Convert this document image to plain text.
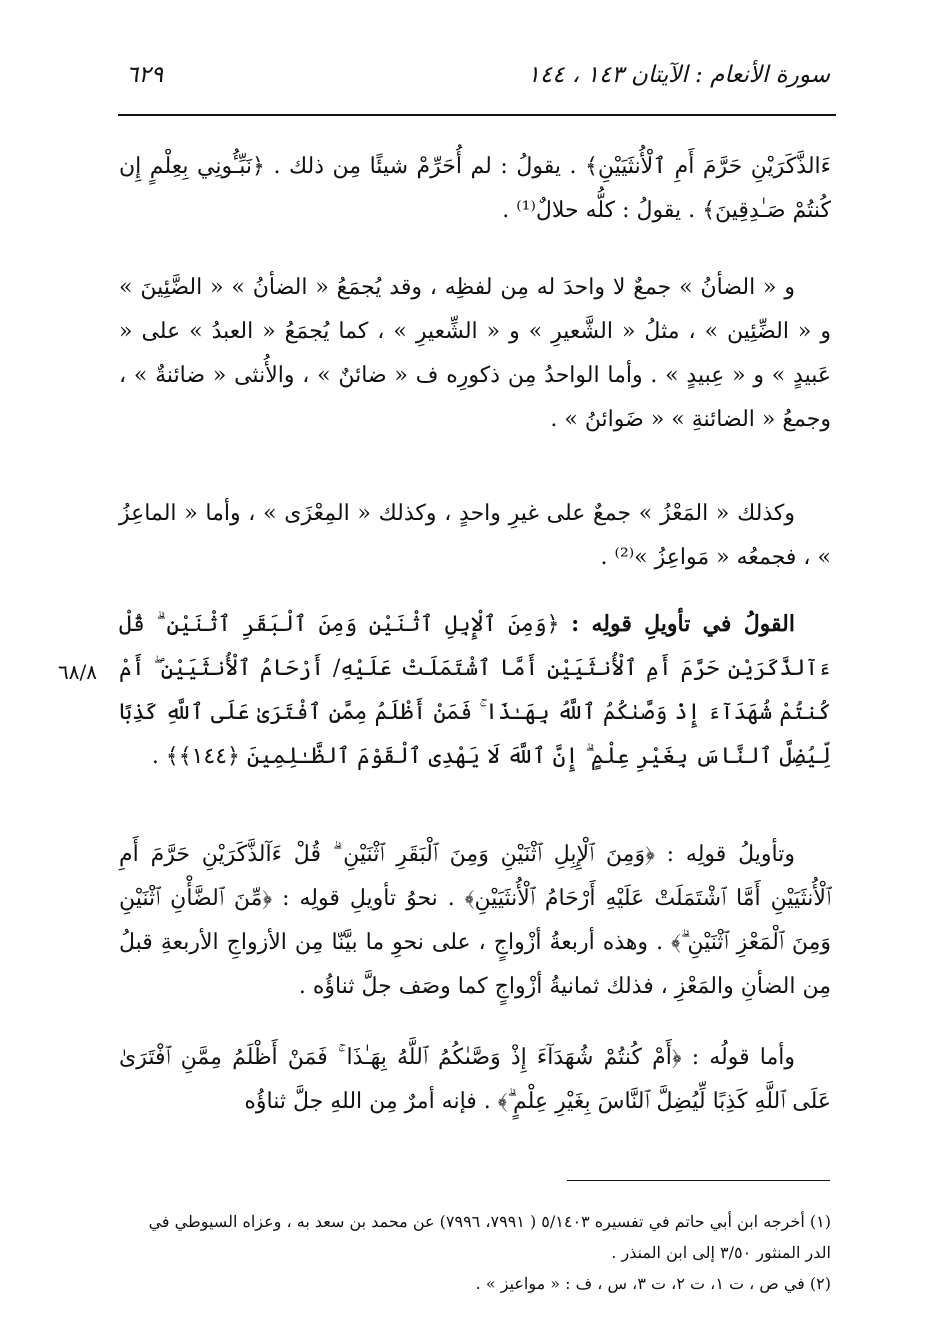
٦٢٩	سورة الأنعام : الآيتان ١٤٣ ، ١٤٤

ءَالذَّكَرَيْنِ حَرَّمَ أَمِ ٱلْأُنثَيَيْنِ﴾ . يقولُ : لم أُحَرِّمْ شيئًا مِن ذلك . ﴿نَبِّـُٔونِي بِعِلْمٍ إِن كُنتُمْ صَـٰدِقِينَ﴾ . يقولُ : كلُّه حلالٌ⁽¹⁾ .

و « الضأنُ » جمعٌ لا واحدَ له مِن لفظِه ، وقد يُجمَعُ « الضأنُ » « الضَّئِينَ » و « الضِّئِين » ، مثلُ « الشَّعيرِ » و « الشِّعيرِ » ، كما يُجمَعُ « العبدُ » على « عَبيدٍ » و « عِبيدٍ » . وأما الواحدُ مِن ذكورِه ف « ضائنٌ » ، والأُنثى « ضائنةٌ » ، وجمعُ « الضائنةِ » « ضَوائنُ » .

وكذلك « المَعْزُ » جمعٌ على غيرِ واحدٍ ، وكذلك « المِعْزَى » ، وأما « الماعِزُ » ، فجمعُه « مَواعِزُ »⁽²⁾ .

القولُ في تأويلِ قولِه : ﴿وَمِنَ ٱلْإِبِلِ ٱثْنَيْنِ وَمِنَ ٱلْبَقَرِ ٱثْنَيْنِ ۗ قُلْ ءَآلذَّكَرَيْنِ حَرَّمَ أَمِ ٱلْأُنثَيَيْنِ أَمَّا ٱشْتَمَلَتْ عَلَيْهِ/ أَرْحَامُ ٱلْأُنثَيَيْنِ ۖ أَمْ كُنتُمْ شُهَدَآءَ إِذْ وَصَّىٰكُمُ ٱللَّهُ بِهَـٰذَا ۚ فَمَنْ أَظْلَمُ مِمَّنِ ٱفْتَرَىٰ عَلَى ٱللَّهِ كَذِبًا لِّيُضِلَّ ٱلنَّاسَ بِغَيْرِ عِلْمٍ ۗ إِنَّ ٱللَّهَ لَا يَهْدِى ٱلْقَوْمَ ٱلظَّـٰلِمِينَ ﴿١٤٤﴾﴾ .

٦٨/٨

وتأويلُ قولِه : ﴿وَمِنَ ٱلْإِبِلِ ٱثْنَيْنِ وَمِنَ ٱلْبَقَرِ ٱثْنَيْنِ ۗ قُلْ ءَآلذَّكَرَيْنِ حَرَّمَ أَمِ ٱلْأُنثَيَيْنِ أَمَّا ٱشْتَمَلَتْ عَلَيْهِ أَرْحَامُ ٱلْأُنثَيَيْنِ﴾ . نحوُ تأويلِ قولِه : ﴿مِّنَ ٱلضَّأْنِ ٱثْنَيْنِ وَمِنَ ٱلْمَعْزِ ٱثْنَيْنِ ۗ﴾ . وهذه أربعةُ أزْواجٍ ، على نحوِ ما بيَّنّا مِن الأزواجِ الأربعةِ قبلُ مِن الضأنِ والمَعْزِ ، فذلك ثمانيةُ أزْواجٍ كما وصَف جلَّ ثناؤُه .

وأما قولُه : ﴿أَمْ كُنتُمْ شُهَدَآءَ إِذْ وَصَّىٰكُمُ ٱللَّهُ بِهَـٰذَا ۚ فَمَنْ أَظْلَمُ مِمَّنِ ٱفْتَرَىٰ عَلَى ٱللَّهِ كَذِبًا لِّيُضِلَّ ٱلنَّاسَ بِغَيْرِ عِلْمٍ ۗ﴾ . فإنه أمرٌ مِن اللهِ جلَّ ثناؤُه

(١) أخرجه ابن أبي حاتم في تفسيره ٥/١٤٠٣ ( ٧٩٩١، ٧٩٩٦) عن محمد بن سعد به ، وعزاه السيوطي في الدر المنثور ٣/٥٠ إلى ابن المنذر .

(٢) في ص ، ت ١، ت ٢، ت ٣، س ، ف : « مواعيز » .
